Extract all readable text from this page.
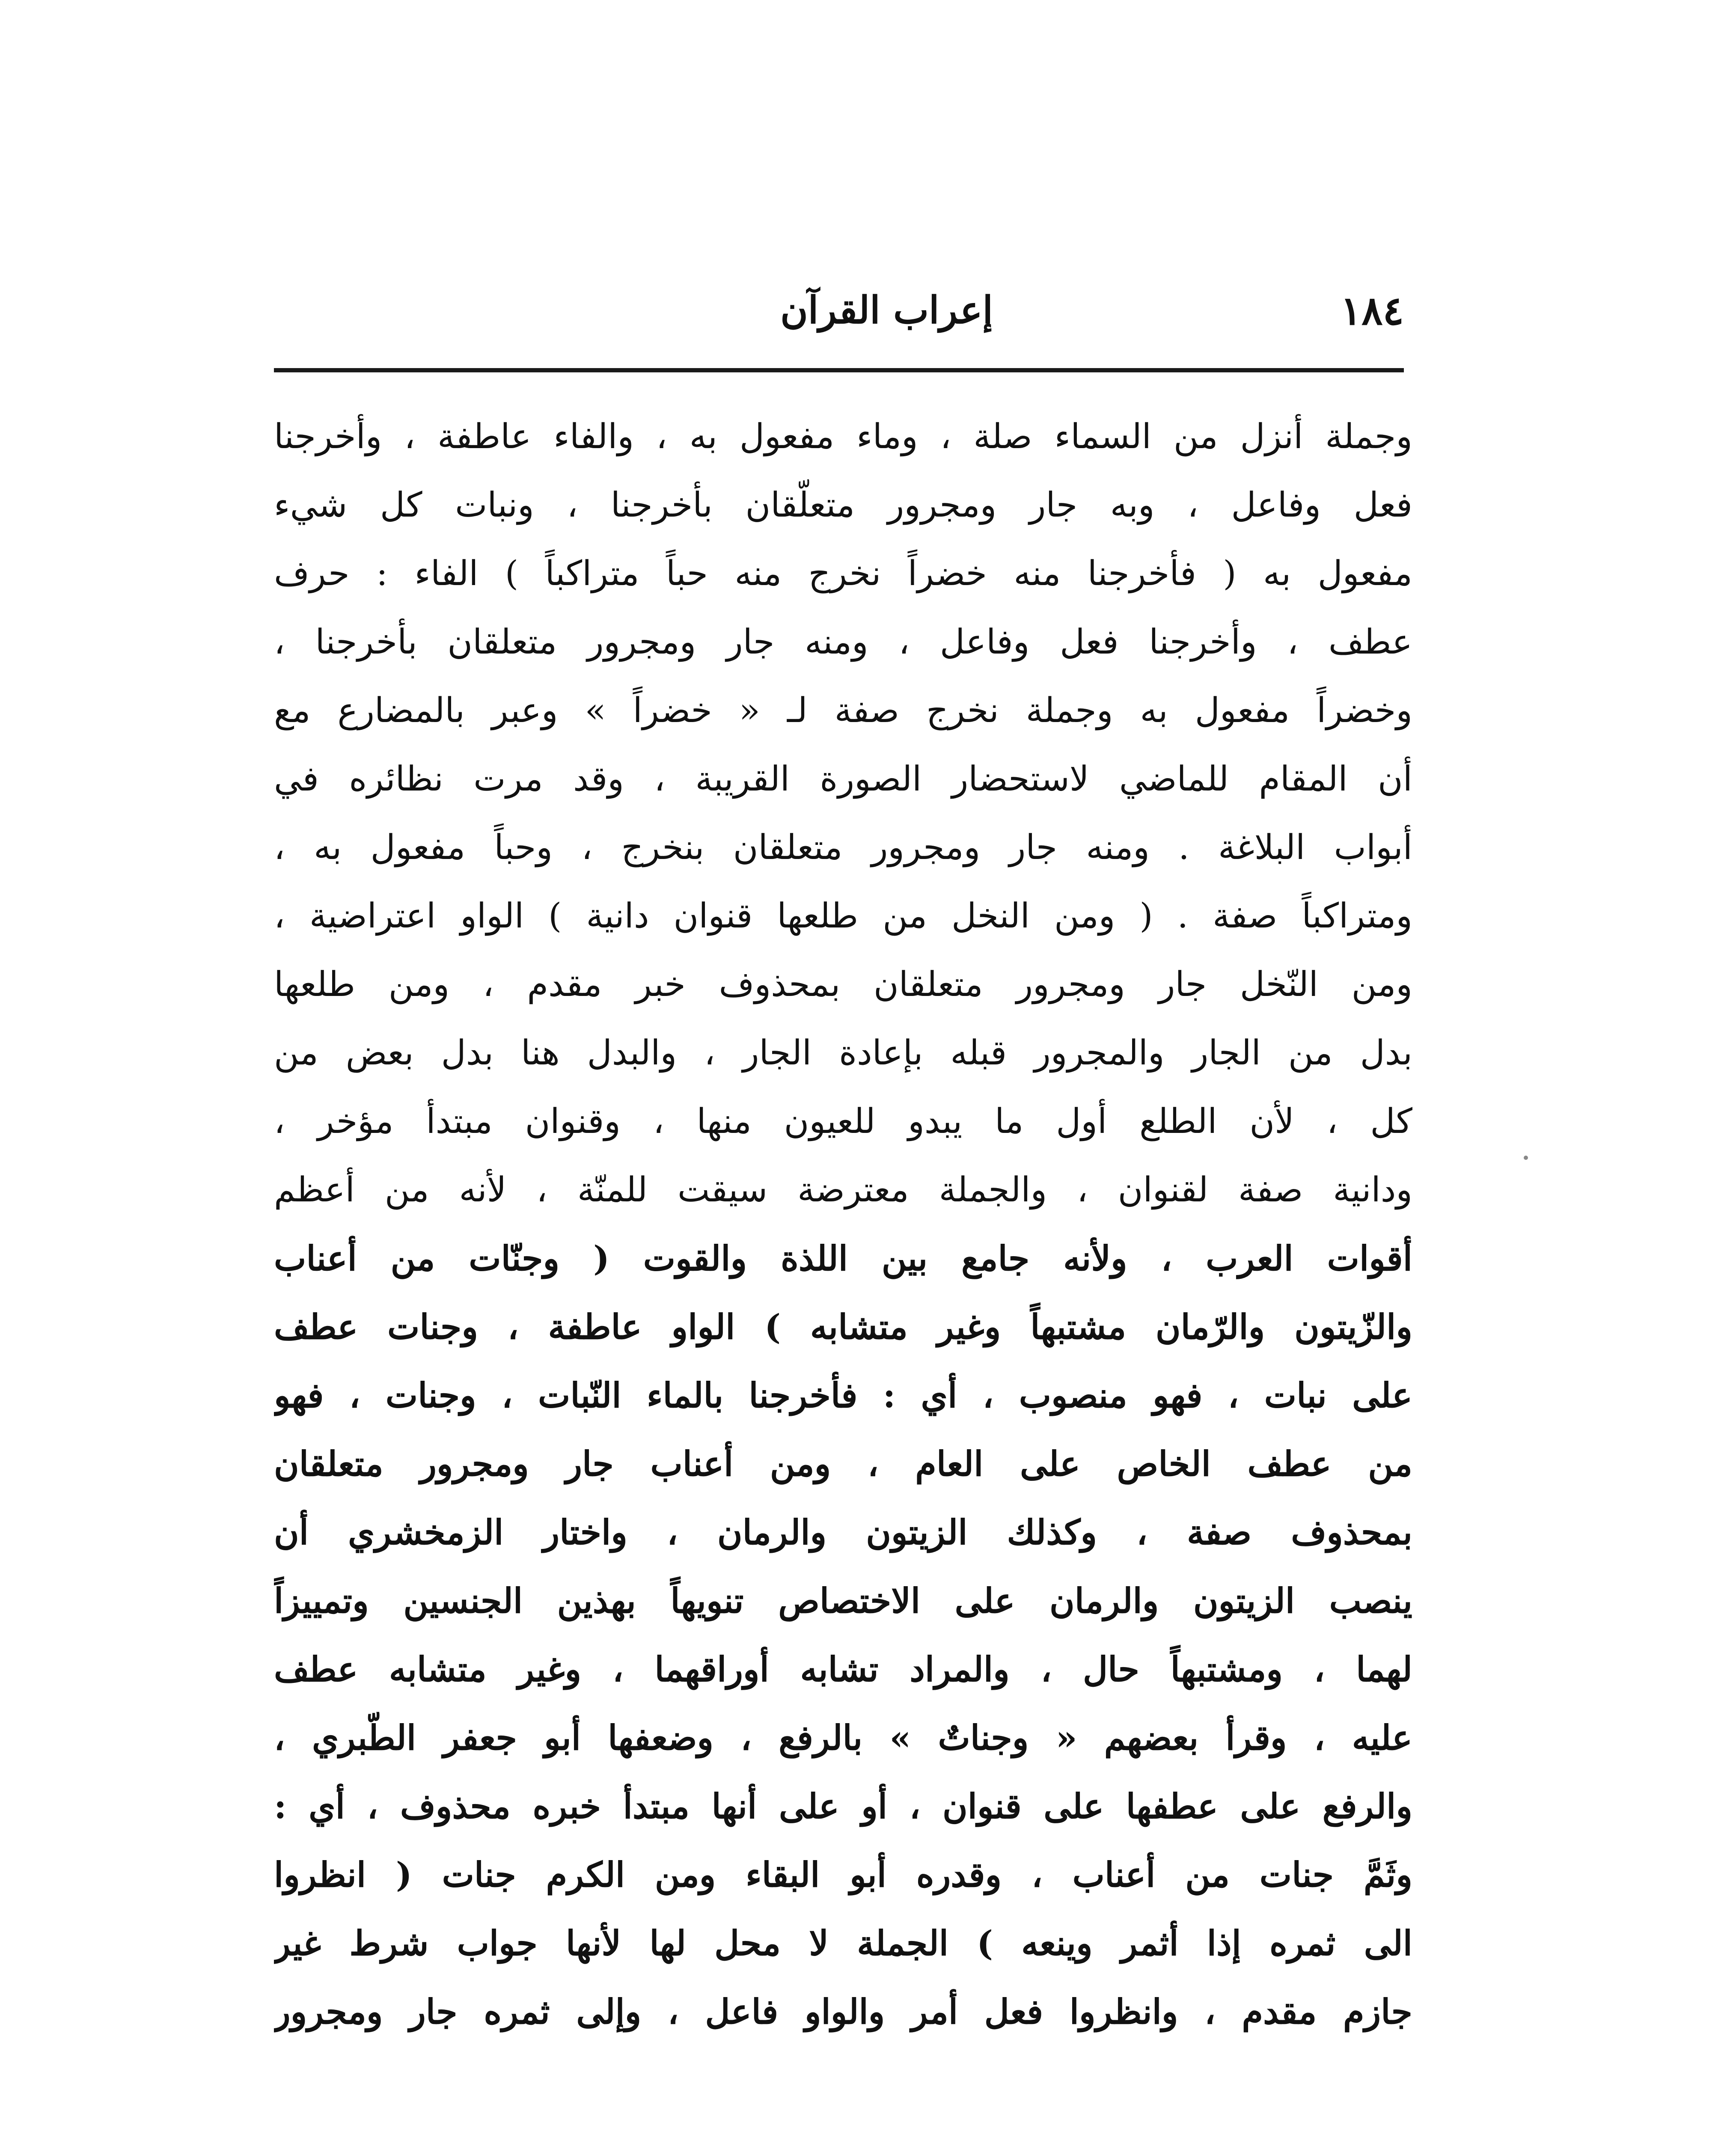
١٨٤
إعراب القرآن
وجملة أنزل من السماء صلة ، وماء مفعول به ، والفاء عاطفة ، وأخرجنا
فعل وفاعل ، وبه جار ومجرور متعلّقان بأخرجنا ، ونبات كل شيء
مفعول به ( فأخرجنا منه خضراً نخرج منه حباً متراكباً ) الفاء : حرف
عطف ، وأخرجنا فعل وفاعل ، ومنه جار ومجرور متعلقان بأخرجنا ،
وخضراً مفعول به وجملة نخرج صفة لـ « خضراً » وعبر بالمضارع مع
أن المقام للماضي لاستحضار الصورة القريبة ، وقد مرت نظائره في
أبواب البلاغة . ومنه جار ومجرور متعلقان بنخرج ، وحباً مفعول به ،
ومتراكباً صفة . ( ومن النخل من طلعها قنوان دانية ) الواو اعتراضية ،
ومن النّخل جار ومجرور متعلقان بمحذوف خبر مقدم ، ومن طلعها
بدل من الجار والمجرور قبله بإعادة الجار ، والبدل هنا بدل بعض من
كل ، لأن الطلع أول ما يبدو للعيون منها ، وقنوان مبتدأ مؤخر ،
ودانية صفة لقنوان ، والجملة معترضة سيقت للمنّة ، لأنه من أعظم
أقوات العرب ، ولأنه جامع بين اللذة والقوت ( وجنّات من أعناب
والزّيتون والرّمان مشتبهاً وغير متشابه ) الواو عاطفة ، وجنات عطف
على نبات ، فهو منصوب ، أي : فأخرجنا بالماء النّبات ، وجنات ، فهو
من عطف الخاص على العام ، ومن أعناب جار ومجرور متعلقان
بمحذوف صفة ، وكذلك الزيتون والرمان ، واختار الزمخشري أن
ينصب الزيتون والرمان على الاختصاص تنويهاً بهذين الجنسين وتمييزاً
لهما ، ومشتبهاً حال ، والمراد تشابه أوراقهما ، وغير متشابه عطف
عليه ، وقرأ بعضهم « وجناتٌ » بالرفع ، وضعفها أبو جعفر الطّبري ،
والرفع على عطفها على قنوان ، أو على أنها مبتدأ خبره محذوف ، أي :
وثَمَّ جنات من أعناب ، وقدره أبو البقاء ومن الكرم جنات ( انظروا
الى ثمره إذا أثمر وينعه ) الجملة لا محل لها لأنها جواب شرط غير
جازم مقدم ، وانظروا فعل أمر والواو فاعل ، وإلى ثمره جار ومجرور
